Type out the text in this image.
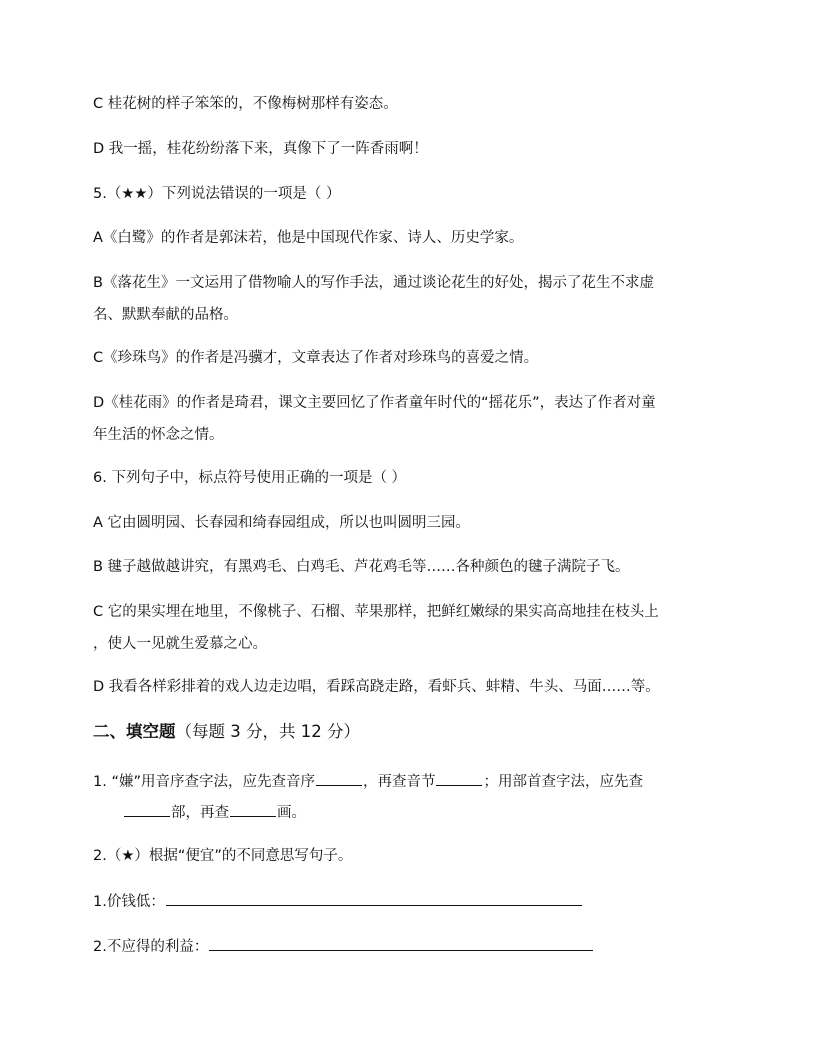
C 桂花树的样子笨笨的，不像梅树那样有姿态。
D 我一摇，桂花纷纷落下来，真像下了一阵香雨啊！
5.（★★）下列说法错误的一项是（ ）
A《白鹭》的作者是郭沫若，他是中国现代作家、诗人、历史学家。
B《落花生》一文运用了借物喻人的写作手法，通过谈论花生的好处，揭示了花生不求虚
名、默默奉献的品格。
C《珍珠鸟》的作者是冯骥才，文章表达了作者对珍珠鸟的喜爱之情。
D《桂花雨》的作者是琦君，课文主要回忆了作者童年时代的“摇花乐”，表达了作者对童
年生活的怀念之情。
6. 下列句子中，标点符号使用正确的一项是（ ）
A 它由圆明园、长春园和绮春园组成，所以也叫圆明三园。
B 毽子越做越讲究，有黑鸡毛、白鸡毛、芦花鸡毛等……各种颜色的毽子满院子飞。
C 它的果实埋在地里，不像桃子、石榴、苹果那样，把鲜红嫩绿的果实高高地挂在枝头上
，使人一见就生爱慕之心。
D 我看各样彩排着的戏人边走边唱，看踩高跷走路，看虾兵、蚌精、牛头、马面……等。
二、填空题（每题 3 分，共 12 分）
1. “嫌”用音序查字法，应先查音序	，再查音节	；用部首查字法，应先查
部，再查	画。
2.（★）根据“便宜”的不同意思写句子。
1.价钱低：
2.不应得的利益：
